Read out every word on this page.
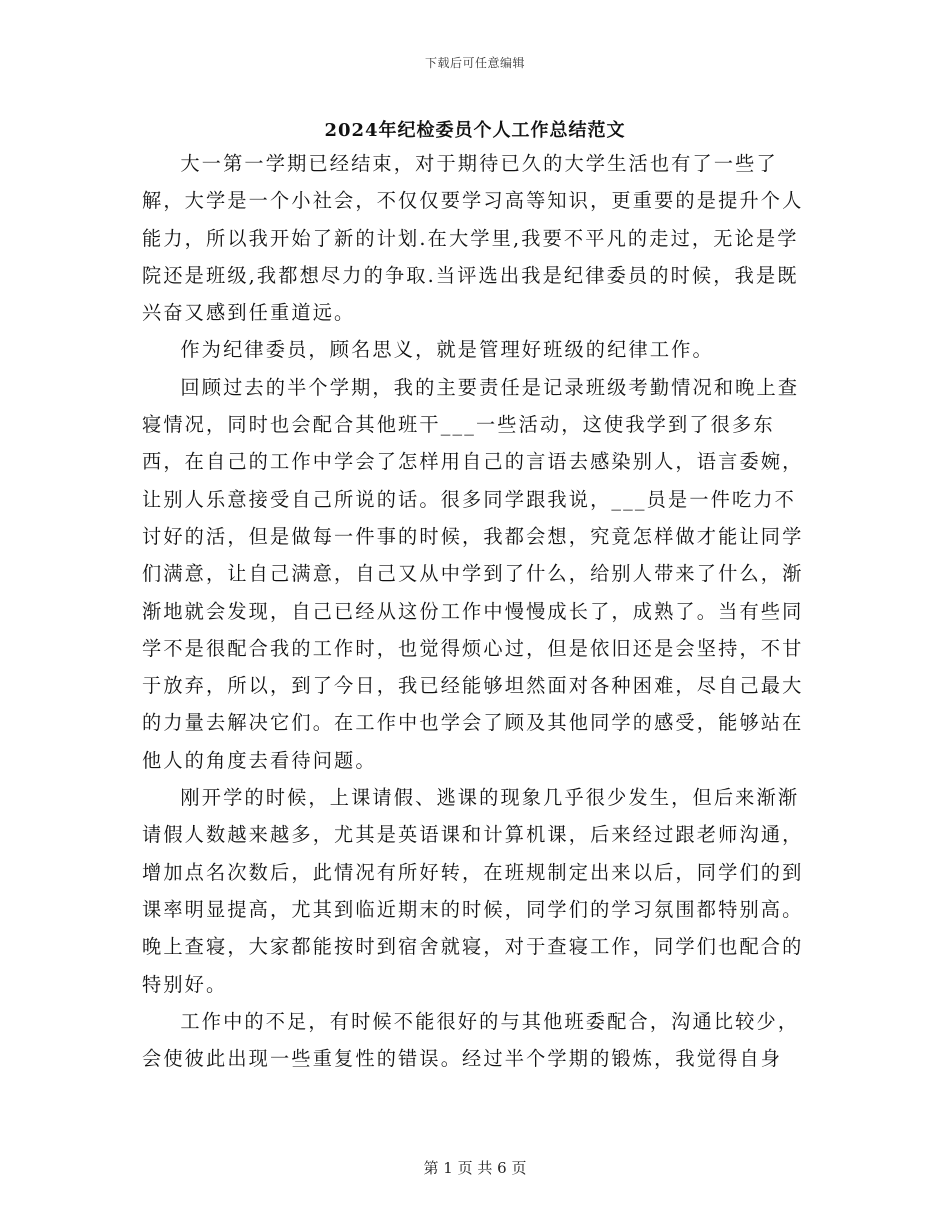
下载后可任意编辑
2024年纪检委员个人工作总结范文

大一第一学期已经结束，对于期待已久的大学生活也有了一些了解，大学是一个小社会，不仅仅要学习高等知识，更重要的是提升个人能力，所以我开始了新的计划.在大学里,我要不平凡的走过，无论是学院还是班级,我都想尽力的争取.当评选出我是纪律委员的时候，我是既兴奋又感到任重道远。

作为纪律委员，顾名思义，就是管理好班级的纪律工作。

回顾过去的半个学期，我的主要责任是记录班级考勤情况和晚上查寝情况，同时也会配合其他班干___一些活动，这使我学到了很多东西，在自己的工作中学会了怎样用自己的言语去感染别人，语言委婉，让别人乐意接受自己所说的话。很多同学跟我说，___员是一件吃力不讨好的活，但是做每一件事的时候，我都会想，究竟怎样做才能让同学们满意，让自己满意，自己又从中学到了什么，给别人带来了什么，渐渐地就会发现，自己已经从这份工作中慢慢成长了，成熟了。当有些同学不是很配合我的工作时，也觉得烦心过，但是依旧还是会坚持，不甘于放弃，所以，到了今日，我已经能够坦然面对各种困难，尽自己最大的力量去解决它们。在工作中也学会了顾及其他同学的感受，能够站在他人的角度去看待问题。

刚开学的时候，上课请假、逃课的现象几乎很少发生，但后来渐渐请假人数越来越多，尤其是英语课和计算机课，后来经过跟老师沟通，增加点名次数后，此情况有所好转，在班规制定出来以后，同学们的到课率明显提高，尤其到临近期末的时候，同学们的学习氛围都特别高。晚上查寝，大家都能按时到宿舍就寝，对于查寝工作，同学们也配合的特别好。

工作中的不足，有时候不能很好的与其他班委配合，沟通比较少，会使彼此出现一些重复性的错误。经过半个学期的锻炼，我觉得自身

第 1 页 共 6 页
